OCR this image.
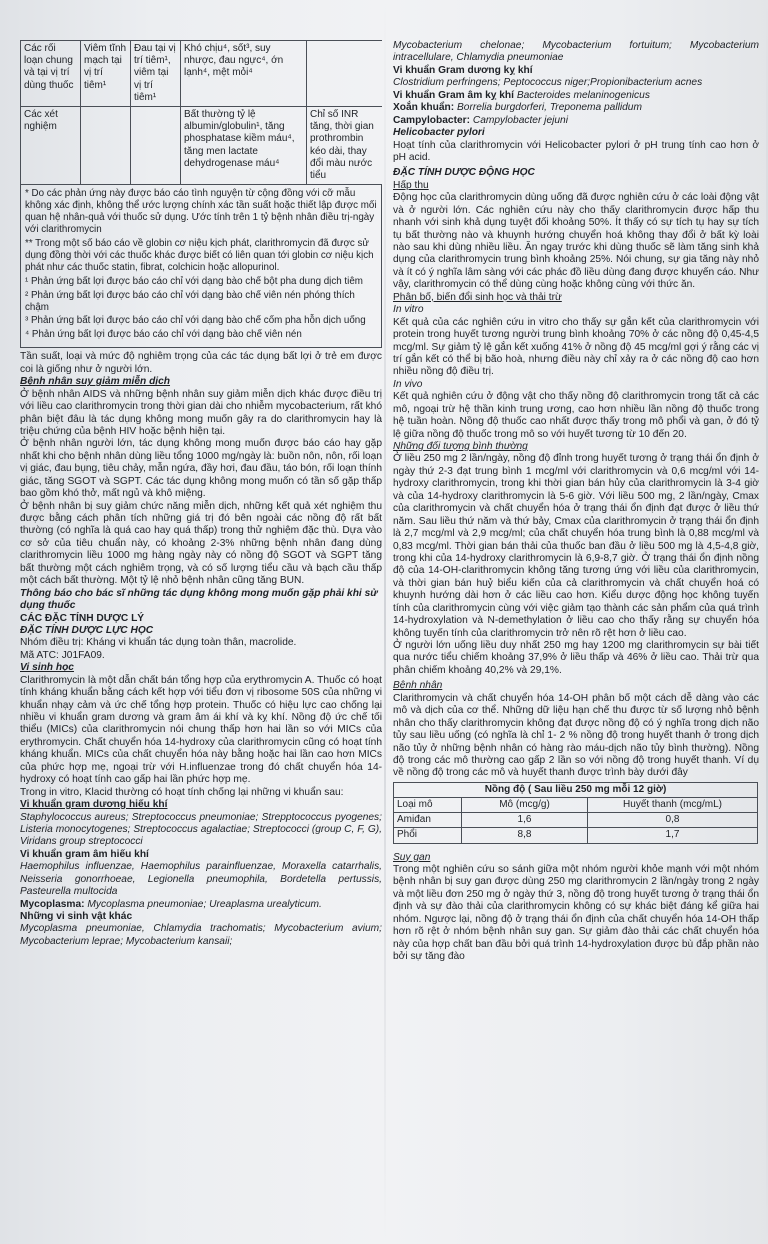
Các rối loạn chung và tại vị trí dùng thuốc	Viêm tĩnh mạch tại vị trí tiêm¹	Đau tại vị trí tiêm¹, viêm tại vị trí tiêm¹	Khó chịu⁴, sốt³, suy nhược, đau ngực⁴, ớn lạnh⁴, mệt mỏi⁴	
Các xét nghiệm			Bất thường tỷ lệ albumin/globulin¹, tăng phosphatase kiềm máu⁴, tăng men lactate dehydrogenase máu⁴	Chỉ số INR tăng, thời gian prothrombin kéo dài, thay đổi màu nước tiểu

* Do các phản ứng này được báo cáo tình nguyện từ cộng đồng với cỡ mẫu không xác định, không thể ước lượng chính xác tần suất hoặc thiết lập được mối quan hệ nhân-quả với thuốc sử dụng. Ước tính trên 1 tỷ bệnh nhân điều trị-ngày với clarithromycin

** Trong một số báo cáo về globin cơ niệu kịch phát, clarithromycin đã được sử dụng đồng thời với các thuốc khác được biết có liên quan tới globin cơ niệu kịch phát như các thuốc statin, fibrat, colchicin hoặc allopurinol.

¹ Phản ứng bất lợi được báo cáo chỉ với dạng bào chế bột pha dung dịch tiêm

² Phản ứng bất lợi được báo cáo chỉ với dạng bào chế viên nén phóng thích chậm

³ Phản ứng bất lợi được báo cáo chỉ với dạng bào chế cốm pha hỗn dịch uống

⁴ Phản ứng bất lợi được báo cáo chỉ với dạng bào chế viên nén

Tần suất, loại và mức độ nghiêm trọng của các tác dụng bất lợi ở trẻ em được coi là giống như ở người lớn.

Bệnh nhân suy giảm miễn dịch

Ở bệnh nhân AIDS và những bệnh nhân suy giảm miễn dịch khác được điều trị với liều cao clarithromycin trong thời gian dài cho nhiễm mycobacterium, rất khó phân biệt đâu là tác dụng không mong muốn gây ra do clarithromycin hay là triệu chứng của bệnh HIV hoặc bệnh hiện tại.

Ở bệnh nhân người lớn, tác dụng không mong muốn được báo cáo hay gặp nhất khi cho bệnh nhân dùng liều tổng 1000 mg/ngày là: buồn nôn, nôn, rối loạn vị giác, đau bụng, tiêu chảy, mẫn ngứa, đầy hơi, đau đầu, táo bón, rối loạn thính giác, tăng SGOT và SGPT. Các tác dụng không mong muốn có tần số gặp thấp bao gồm khó thở, mất ngủ và khô miệng.

Ở bệnh nhân bị suy giảm chức năng miễn dịch, những kết quả xét nghiệm thu được bằng cách phân tích những giá trị đó bên ngoài các nồng độ rất bất thường (có nghĩa là quá cao hay quá thấp) trong thử nghiệm đặc thù. Dựa vào cơ sở của tiêu chuẩn này, có khoảng 2-3% những bệnh nhân đang dùng clarithromycin liều 1000 mg hàng ngày này có nồng độ SGOT và SGPT tăng bất thường một cách nghiêm trọng, và có số lượng tiểu cầu và bạch cầu thấp một cách bất thường. Một tỷ lệ nhỏ bệnh nhân cũng tăng BUN.

Thông báo cho bác sĩ những tác dụng không mong muốn gặp phải khi sử dụng thuốc

CÁC ĐẶC TÍNH DƯỢC LÝ

ĐẶC TÍNH DƯỢC LỰC HỌC

Nhóm điều trị: Kháng vi khuẩn tác dụng toàn thân, macrolide.

Mã ATC: J01FA09.

Vi sinh học

Clarithromycin là một dẫn chất bán tổng hợp của erythromycin A. Thuốc có hoạt tính kháng khuẩn bằng cách kết hợp với tiểu đơn vị ribosome 50S của những vi khuẩn nhạy cảm và ức chế tổng hợp protein. Thuốc có hiệu lực cao chống lại nhiều vi khuẩn gram dương và gram âm ái khí và kỵ khí. Nồng độ ức chế tối thiểu (MICs) của clarithromycin nói chung thấp hơn hai lần so với MICs của erythromycin. Chất chuyển hóa 14-hydroxy của clarithromycin cũng có hoạt tính kháng khuẩn. MICs của chất chuyển hóa này bằng hoặc hai lần cao hơn MICs của phức hợp mẹ, ngoại trừ với H.influenzae trong đó chất chuyển hóa 14-hydroxy có hoạt tính cao gấp hai lần phức hợp mẹ.

Trong in vitro, Klacid thường có hoạt tính chống lại những vi khuẩn sau:

Vi khuẩn gram dương hiếu khí

Staphylococcus aureus; Streptococcus pneumoniae; Strepptococcus pyogenes; Listeria monocytogenes; Streptococcus agalactiae; Streptococci (group C, F, G), Viridans group streptococci

Vi khuẩn gram âm hiếu khí

Haemophilus influenzae, Haemophilus parainfluenzae, Moraxella catarrhalis, Neisseria gonorrhoeae, Legionella pneumophila, Bordetella pertussis, Pasteurella multocida

Mycoplasma: Mycoplasma pneumoniae; Ureaplasma urealyticum.

Những vi sinh vật khác

Mycoplasma pneumoniae, Chlamydia trachomatis; Mycobacterium avium; Mycobacterium leprae; Mycobacterium kansaii;

Mycobacterium chelonae; Mycobacterium fortuitum; Mycobacterium intracellulare, Chlamydia pneumoniae

Vi khuẩn Gram dương kỵ khí

Clostridium perfringens; Peptococcus niger;Propionibacterium acnes

Vi khuẩn Gram âm kỵ khí Bacteroides melaninogenicus

Xoắn khuẩn: Borrelia burgdorferi, Treponema pallidum

Campylobacter: Campylobacter jejuni

Helicobacter pylori

Hoạt tính của clarithromycin với Helicobacter pylori ở pH trung tính cao hơn ở pH acid.

ĐẶC TÍNH DƯỢC ĐỘNG HỌC

Hấp thu

Động học của clarithromycin dùng uống đã được nghiên cứu ở các loài động vật và ở người lớn. Các nghiên cứu này cho thấy clarithromycin được hấp thu nhanh với sinh khả dụng tuyệt đối khoảng 50%. Ít thấy có sự tích tụ hay sự tích tụ bất thường nào và khuynh hướng chuyển hoá không thay đổi ở bất kỳ loài nào sau khi dùng nhiều liều. Ăn ngay trước khi dùng thuốc sẽ làm tăng sinh khả dụng của clarithromycin trung bình khoảng 25%. Nói chung, sự gia tăng này nhỏ và ít có ý nghĩa lâm sàng với các phác đồ liều dùng đang được khuyến cáo. Như vậy, clarithromycin có thể dùng cùng hoặc không cùng với thức ăn.

Phân bố, biến đổi sinh học và thải trừ

In vitro

Kết quả của các nghiên cứu in vitro cho thấy sự gắn kết của clarithromycin với protein trong huyết tương người trung bình khoảng 70% ở các nồng độ 0,45-4,5 mcg/ml. Sự giảm tỷ lệ gắn kết xuống 41% ở nồng độ 45 mcg/ml gợi ý rằng các vị trí gắn kết có thể bị bão hoà, nhưng điều này chỉ xảy ra ở các nồng độ cao hơn nhiều nồng độ điều trị.

In vivo

Kết quả nghiên cứu ở động vật cho thấy nồng độ clarithromycin trong tất cả các mô, ngoại trừ hệ thần kinh trung ương, cao hơn nhiều lần nồng độ thuốc trong hệ tuần hoàn. Nồng độ thuốc cao nhất được thấy trong mô phổi và gan, ở đó tỷ lệ giữa nồng độ thuốc trong mô so với huyết tương từ 10 đến 20.

Những đối tượng bình thường

Ở liều 250 mg 2 lần/ngày, nồng độ đỉnh trong huyết tương ở trạng thái ổn định ở ngày thứ 2-3 đạt trung bình 1 mcg/ml với clarithromycin và 0,6 mcg/ml với 14-hydroxy clarithromycin, trong khi thời gian bán hủy của clarithromycin là 3-4 giờ và của 14-hydroxy clarithromycin là 5-6 giờ. Với liều 500 mg, 2 lần/ngày, Cmax của clarithromycin và chất chuyển hóa ở trạng thái ổn định đạt được ở liều thứ năm. Sau liều thứ năm và thứ bảy, Cmax của clarithromycin ở trạng thái ổn định là 2,7 mcg/ml và 2,9 mcg/ml; của chất chuyển hóa trung bình là 0,88 mcg/ml và 0,83 mcg/ml. Thời gian bán thải của thuốc ban đầu ở liều 500 mg là 4,5-4,8 giờ, trong khi của 14-hydroxy clarithromycin là 6,9-8,7 giờ. Ở trạng thái ổn định nồng độ của 14-OH-clarithromycin không tăng tương ứng với liều của clarithromycin, và thời gian bán huỷ biểu kiến của cả clarithromycin và chất chuyển hoá có khuynh hướng dài hơn ở các liều cao hơn. Kiểu dược động học không tuyến tính của clarithromycin cùng với việc giảm tạo thành các sản phẩm của quá trình 14-hydroxylation và N-demethylation ở liều cao cho thấy rằng sự chuyển hóa không tuyến tính của clarithromycin trở nên rõ rệt hơn ở liều cao.

Ở người lớn uống liều duy nhất 250 mg hay 1200 mg clarithromycin sự bài tiết qua nước tiểu chiếm khoảng 37,9% ở liều thấp và 46% ở liều cao. Thải trừ qua phân chiếm khoảng 40,2% và 29,1%.

Bệnh nhân

Clarithromycin và chất chuyển hóa 14-OH phân bố một cách dễ dàng vào các mô và dịch của cơ thể. Những dữ liệu hạn chế thu được từ số lượng nhỏ bệnh nhân cho thấy clarithromycin không đạt được nồng độ có ý nghĩa trong dịch não tủy sau liều uống (có nghĩa là chỉ 1- 2 % nồng độ trong huyết thanh ở trong dịch não tủy ở những bệnh nhân có hàng rào máu-dịch não tủy bình thường). Nồng độ trong các mô thường cao gấp 2 lần so với nồng độ trong huyết thanh. Ví dụ về nồng độ trong các mô và huyết thanh được trình bày dưới đây

Nồng độ ( Sau liều 250 mg mỗi 12 giờ)		
Loại mô	Mô (mcg/g)	Huyết thanh (mcg/mL)
Amiđan	1,6	0,8
Phổi	8,8	1,7

Suy gan

Trong một nghiên cứu so sánh giữa một nhóm người khỏe mạnh với một nhóm bệnh nhân bị suy gan được dùng 250 mg clarithromycin 2 lần/ngày trong 2 ngày và một liều đơn 250 mg ở ngày thứ 3, nồng độ trong huyết tương ở trạng thái ổn định và sự đào thải của clarithromycin không có sự khác biệt đáng kể giữa hai nhóm. Ngược lại, nồng độ ở trạng thái ổn định của chất chuyển hóa 14-OH thấp hơn rõ rệt ở nhóm bệnh nhân suy gan. Sự giảm đào thải các chất chuyển hóa này của hợp chất ban đầu bởi quá trình 14-hydroxylation được bù đắp phần nào bởi sự tăng đào
